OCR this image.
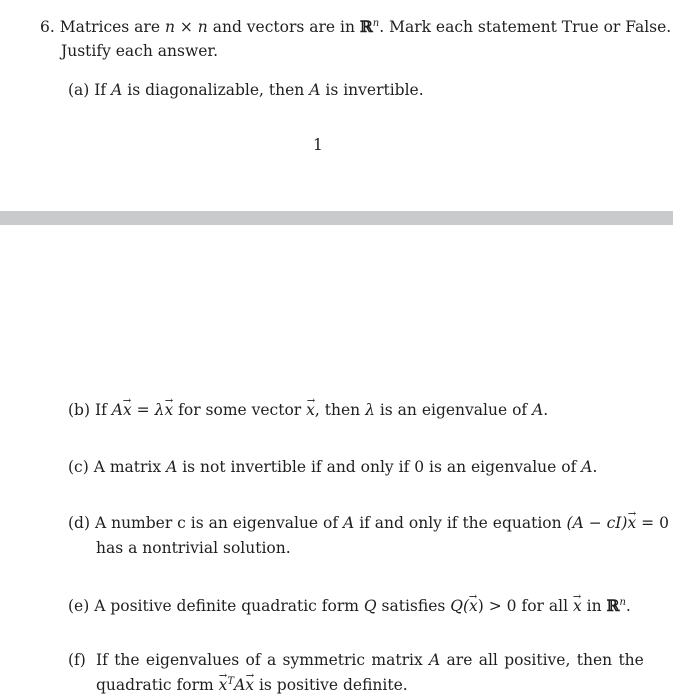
6. Matrices are n × n and vectors are in ℝ$^n$. Mark each statement True or False.
Justify each answer.
(a) If A is diagonalizable, then A is invertible.
1
(b) If A→ x = λ→ x for some vector → x, then λ is an eigenvalue of A.
(c) A matrix A is not invertible if and only if 0 is an eigenvalue of A.
(d) A number c is an eigenvalue of A if and only if the equation (A − cI)→ x = 0
has a nontrivial solution.
(e) A positive definite quadratic form Q satisfies Q(→ x) > 0 for all → x in ℝ$^n$.
(f) If the eigenvalues of a symmetric matrix A are all positive, then the
quadratic form → $x^TA\to x$ is positive definite.
